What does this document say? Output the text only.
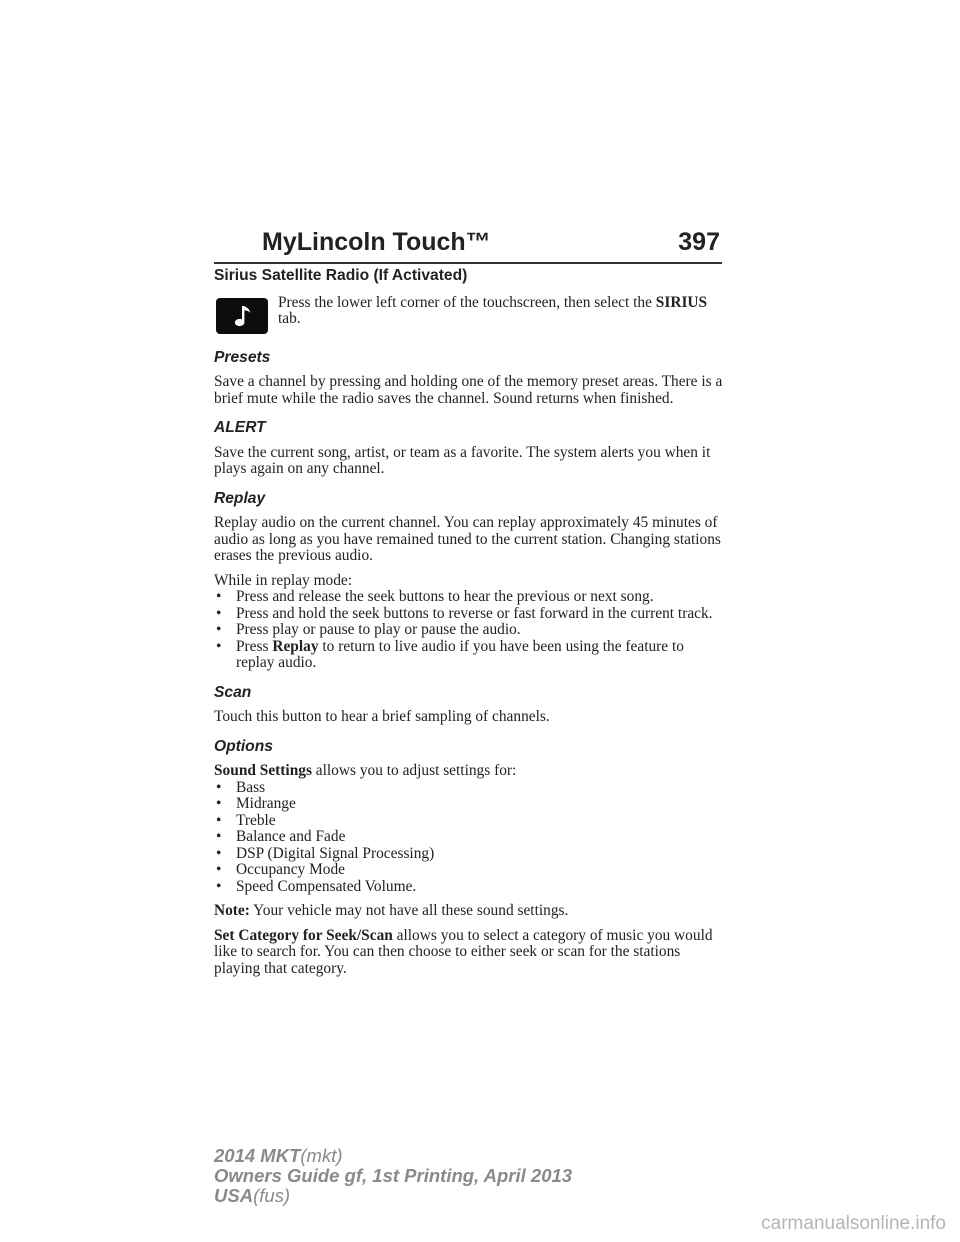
MyLincoln Touch™	397
Sirius Satellite Radio (If Activated)
Press the lower left corner of the touchscreen, then select the SIRIUS tab.
Presets

Save a channel by pressing and holding one of the memory preset areas. There is a brief mute while the radio saves the channel. Sound returns when finished.

ALERT

Save the current song, artist, or team as a favorite. The system alerts you when it plays again on any channel.

Replay

Replay audio on the current channel. You can replay approximately 45 minutes of audio as long as you have remained tuned to the current station. Changing stations erases the previous audio.

While in replay mode:
• Press and release the seek buttons to hear the previous or next song.
• Press and hold the seek buttons to reverse or fast forward in the current track.
• Press play or pause to play or pause the audio.
• Press Replay to return to live audio if you have been using the feature to replay audio.
Scan

Touch this button to hear a brief sampling of channels.

Options
Sound Settings allows you to adjust settings for:
• Bass
• Midrange
• Treble
• Balance and Fade
• DSP (Digital Signal Processing)
• Occupancy Mode
• Speed Compensated Volume.

Note: Your vehicle may not have all these sound settings.

Set Category for Seek/Scan allows you to select a category of music you would like to search for. You can then choose to either seek or scan for the stations playing that category.

2014 MKT(mkt)
Owners Guide gf, 1st Printing, April 2013
USA(fus)
carmanualsonline.info
